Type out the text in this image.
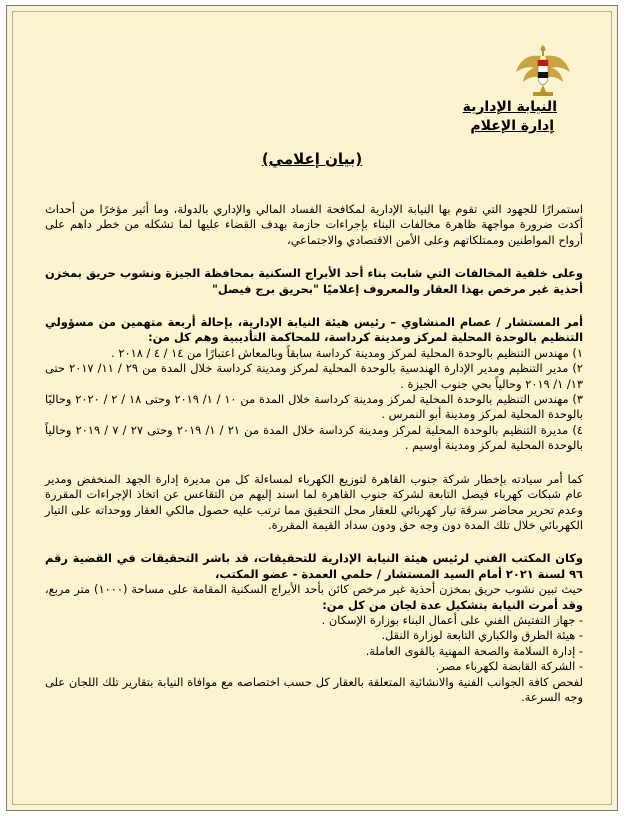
النيابة الإدارية
إدارة الإعلام
(بيان إعلامي)

استمرارًا للجهود التي تقوم بها النيابة الإدارية لمكافحة الفساد المالي والإداري بالدولة، وما أثير مؤخرًا من أحداث أكدت ضرورة مواجهة ظاهرة مخالفات البناء بإجراءات حازمة بهدف القضاء عليها لما تشكله من خطر داهم على أرواح المواطنين وممتلكاتهم وعلى الأمن الاقتصادي والاجتماعي،

وعلى خلفية المخالفات التي شابت بناء أحد الأبراج السكنية بمحافظة الجيزة ونشوب حريق بمخزن أحذية غير مرخص بهذا العقار والمعروف إعلاميًا "بحريق برج فيصل"

أمر المستشار / عصام المنشاوي – رئيس هيئة النيابة الإدارية، بإحالة أربعة متهمين من مسؤولي التنظيم بالوحدة المحلية لمركز ومدينة كرداسة، للمحاكمة التأديبية وهم كل من:

١) مهندس التنظيم بالوحدة المحلية لمركز ومدينة كرداسة سابقاً وبالمعاش اعتبارًا من ١٤ / ٤ / ٢٠١٨ .

٢) مدير التنظيم ومدير الإدارة الهندسية بالوحدة المحلية لمركز ومدينة كرداسة خلال المدة من ٢٩ / ١١/ ٢٠١٧ حتى ١٣/ ١/ ٢٠١٩ وحالياً بحي جنوب الجيزة .

٣) مهندس التنظيم بالوحدة المحلية لمركز ومدينة كرداسة خلال المدة من ١٠ / ١/ ٢٠١٩ وحتى ١٨ / ٢ / ٢٠٢٠ وحاليًا بالوحدة المحلية لمركز ومدينة أبو النمرس .

٤) مديرة التنظيم بالوحدة المحلية لمركز ومدينة كرداسة خلال المدة من ٢١ / ١/ ٢٠١٩ وحتى ٢٧ / ٧ / ٢٠١٩ وحالياً بالوحدة المحلية لمركز ومدينة أوسيم .

كما أمر سيادته بإخطار شركة جنوب القاهرة لتوزيع الكهرباء لمساءلة كل من مديرة إدارة الجهد المنخفض ومدير عام شبكات كهرباء فيصل التابعة لشركة جنوب القاهرة لما اسند إليهم من التقاعس عن اتخاذ الإجراءات المقررة وعدم تحرير محاضر سرقة تيار كهربائي للعقار محل التحقيق مما ترتب عليه حصول مالكي العقار ووحداته على التيار الكهربائي خلال تلك المدة دون وجه حق ودون سداد القيمة المقررة.

وكان المكتب الفني لرئيس هيئة النيابة الإدارية للتحقيقات، قد باشر التحقيقات في القضية رقم ٩٦ لسنة ٢٠٢١ أمام السيد المستشار / حلمي العمدة - عضو المكتب،

حيث تبين نشوب حريق بمخزن أحذية غير مرخص كائن بأحد الأبراج السكنية المقامة على مساحة (١٠٠٠) متر مربع، وقد أمرت النيابة بتشكيل عدة لجان من كل من:

- جهاز التفتيش الفني على أعمال البناء بوزارة الإسكان .

- هيئة الطرق والكباري التابعة لوزارة النقل.

- إدارة السلامة والصحة المهنية بالقوى العاملة.

- الشركة القابضة لكهرباء مصر.

لفحص كافة الجوانب الفنية والانشائية المتعلقة بالعقار كل حسب اختصاصه مع موافاة النيابة بتقارير تلك اللجان على وجه السرعة.
